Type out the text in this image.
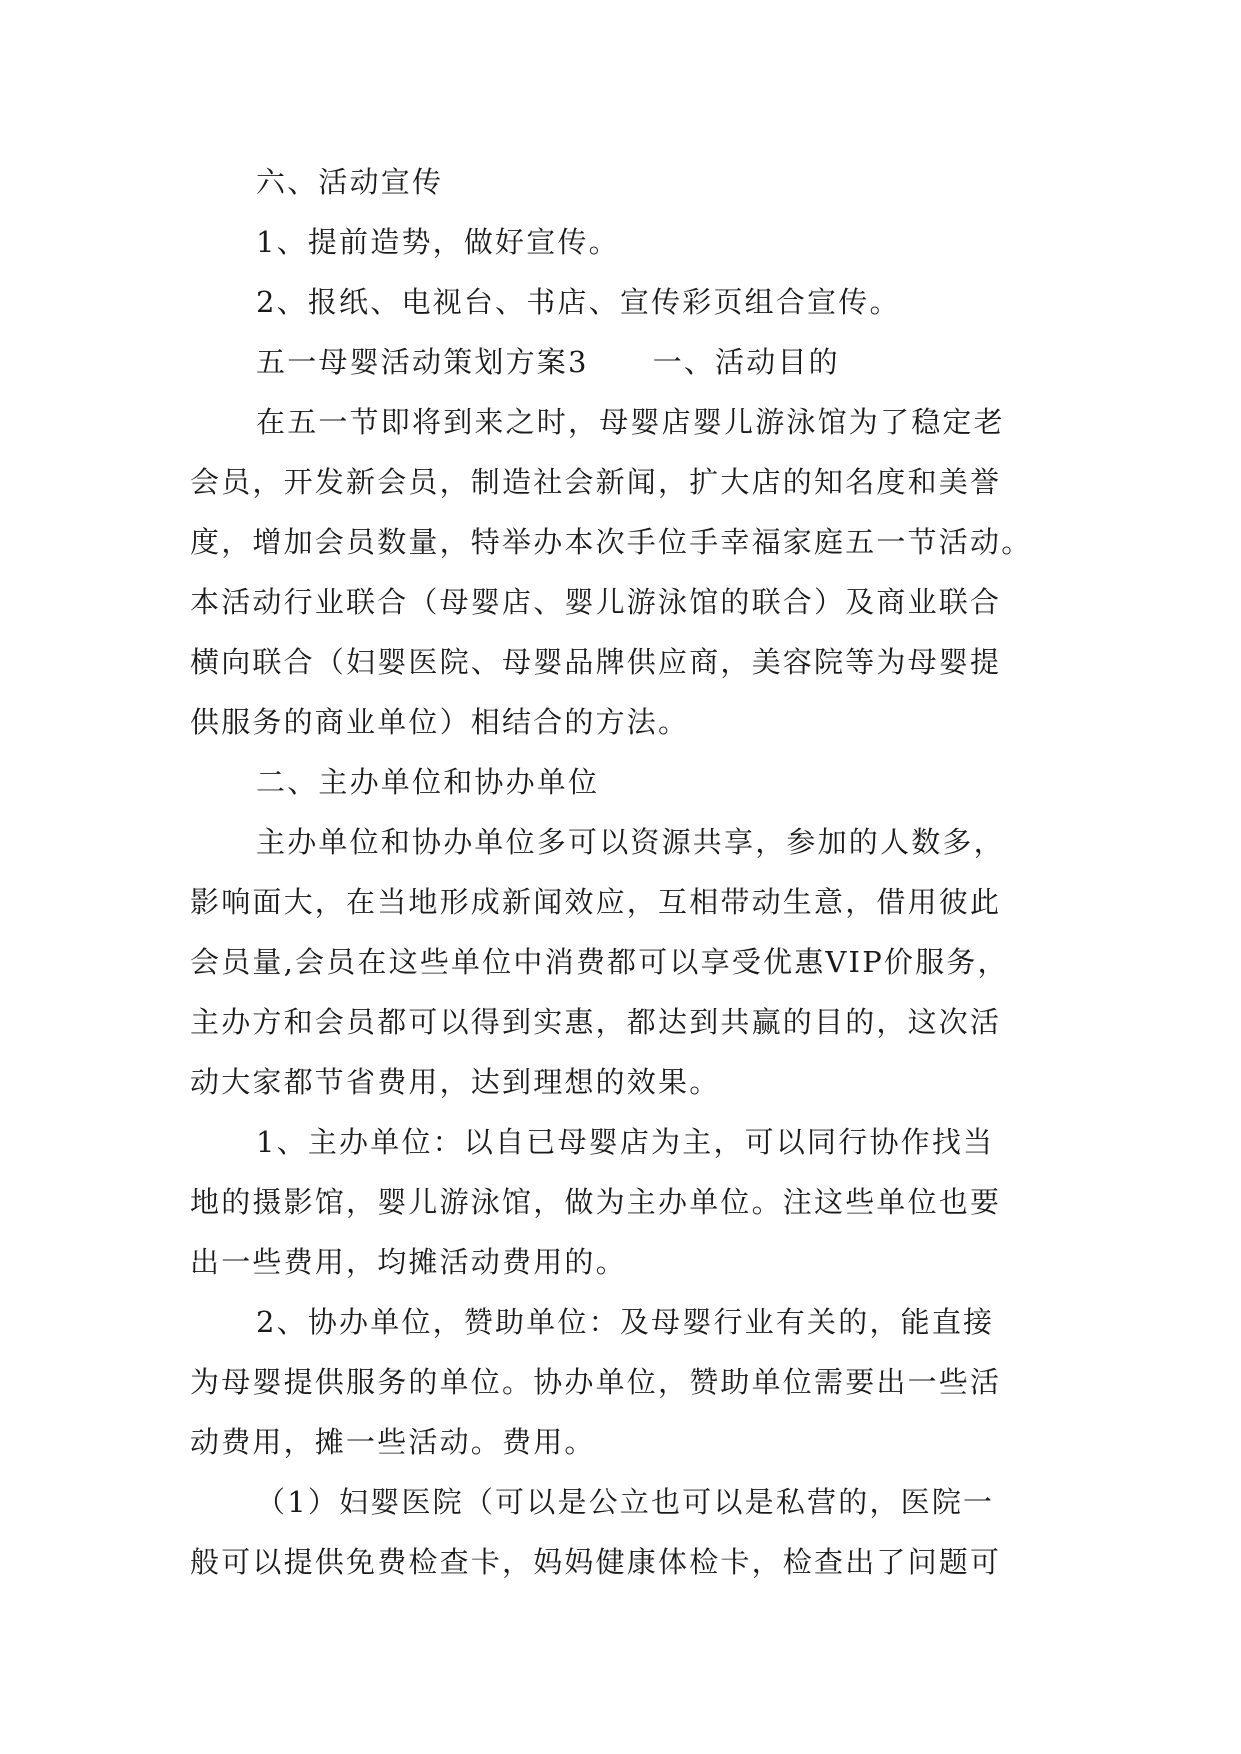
六、活动宣传
1、提前造势，做好宣传。
2、报纸、电视台、书店、宣传彩页组合宣传。
五一母婴活动策划方案3 一、活动目的
在五一节即将到来之时，母婴店婴儿游泳馆为了稳定老
会员，开发新会员，制造社会新闻，扩大店的知名度和美誉
度，增加会员数量，特举办本次手位手幸福家庭五一节活动。
本活动行业联合（母婴店、婴儿游泳馆的联合）及商业联合
横向联合（妇婴医院、母婴品牌供应商，美容院等为母婴提
供服务的商业单位）相结合的方法。
二、主办单位和协办单位
主办单位和协办单位多可以资源共享，参加的人数多，
影响面大，在当地形成新闻效应，互相带动生意，借用彼此
会员量,会员在这些单位中消费都可以享受优惠VIP价服务，
主办方和会员都可以得到实惠，都达到共赢的目的，这次活
动大家都节省费用，达到理想的效果。
1、主办单位：以自已母婴店为主，可以同行协作找当
地的摄影馆，婴儿游泳馆，做为主办单位。注这些单位也要
出一些费用，均摊活动费用的。
2、协办单位，赞助单位：及母婴行业有关的，能直接
为母婴提供服务的单位。协办单位，赞助单位需要出一些活
动费用，摊一些活动。费用。
（1）妇婴医院（可以是公立也可以是私营的，医院一
般可以提供免费检查卡，妈妈健康体检卡，检查出了问题可
